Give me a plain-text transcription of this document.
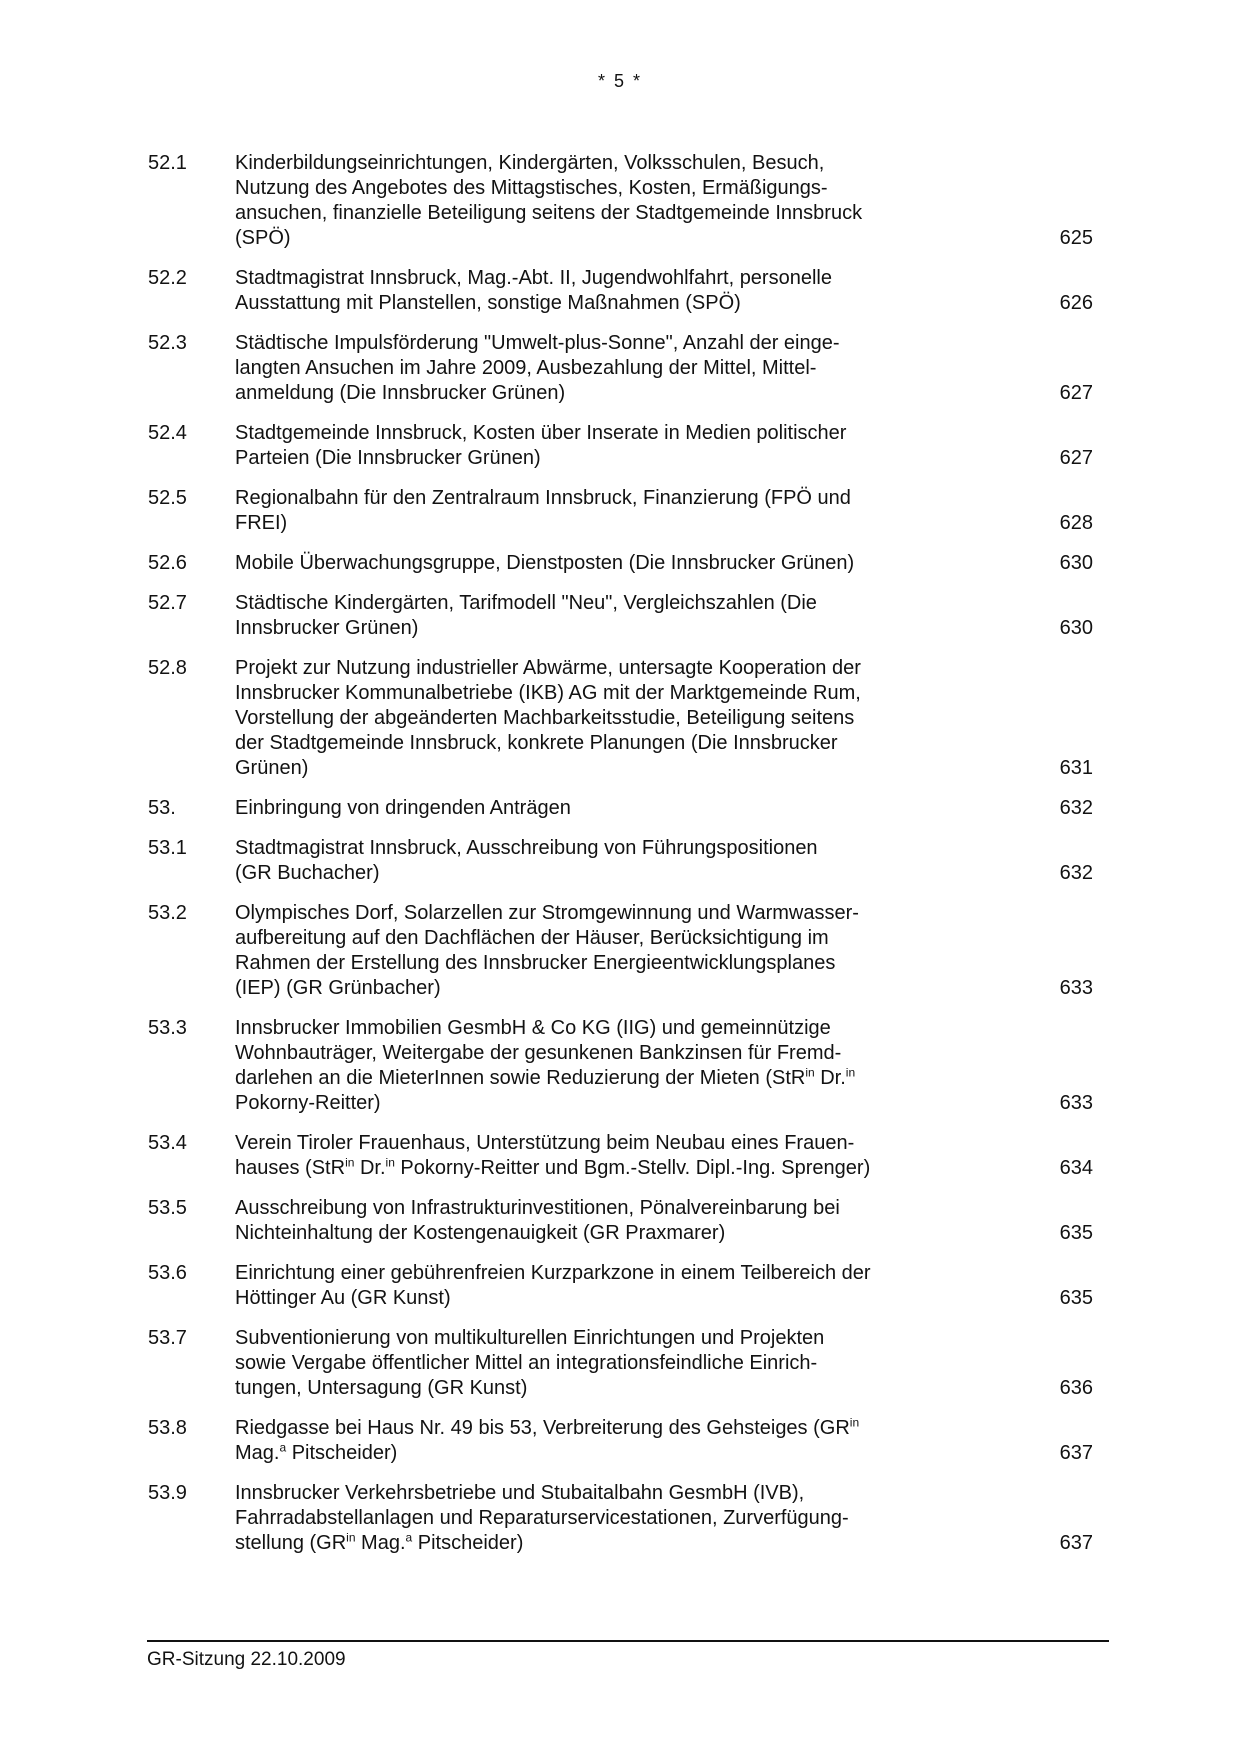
* 5 *
52.1	Kinderbildungseinrichtungen, Kindergärten, Volksschulen, Besuch,
Nutzung des Angebotes des Mittagstisches, Kosten, Ermäßigungs-
ansuchen, finanzielle Beteiligung seitens der Stadtgemeinde Innsbruck
(SPÖ)	625
52.2	Stadtmagistrat Innsbruck, Mag.-Abt. II, Jugendwohlfahrt, personelle
Ausstattung mit Planstellen, sonstige Maßnahmen (SPÖ)	626
52.3	Städtische Impulsförderung "Umwelt-plus-Sonne", Anzahl der einge-
langten Ansuchen im Jahre 2009, Ausbezahlung der Mittel, Mittel-
anmeldung (Die Innsbrucker Grünen)	627
52.4	Stadtgemeinde Innsbruck, Kosten über Inserate in Medien politischer
Parteien (Die Innsbrucker Grünen)	627
52.5	Regionalbahn für den Zentralraum Innsbruck, Finanzierung (FPÖ und
FREI)	628
52.6	Mobile Überwachungsgruppe, Dienstposten (Die Innsbrucker Grünen)	630
52.7	Städtische Kindergärten, Tarifmodell "Neu", Vergleichszahlen (Die
Innsbrucker Grünen)	630
52.8	Projekt zur Nutzung industrieller Abwärme, untersagte Kooperation der
Innsbrucker Kommunalbetriebe (IKB) AG mit der Marktgemeinde Rum,
Vorstellung der abgeänderten Machbarkeitsstudie, Beteiligung seitens
der Stadtgemeinde Innsbruck, konkrete Planungen (Die Innsbrucker
Grünen)	631
53.	Einbringung von dringenden Anträgen	632
53.1	Stadtmagistrat Innsbruck, Ausschreibung von Führungspositionen
(GR Buchacher)	632
53.2	Olympisches Dorf, Solarzellen zur Stromgewinnung und Warmwasser-
aufbereitung auf den Dachflächen der Häuser, Berücksichtigung im
Rahmen der Erstellung des Innsbrucker Energieentwicklungsplanes
(IEP) (GR Grünbacher)	633
53.3	Innsbrucker Immobilien GesmbH & Co KG (IIG) und gemeinnützige
Wohnbauträger, Weitergabe der gesunkenen Bankzinsen für Fremd-
darlehen an die MieterInnen sowie Reduzierung der Mieten (StR$^{in}$ Dr.$^{in}$
Pokorny-Reitter)	633
53.4	Verein Tiroler Frauenhaus, Unterstützung beim Neubau eines Frauen-
hauses (StR$^{in}$ Dr.$^{in}$ Pokorny-Reitter und Bgm.-Stellv. Dipl.-Ing. Sprenger)	634
53.5	Ausschreibung von Infrastrukturinvestitionen, Pönalvereinbarung bei
Nichteinhaltung der Kostengenauigkeit (GR Praxmarer)	635
53.6	Einrichtung einer gebührenfreien Kurzparkzone in einem Teilbereich der
Höttinger Au (GR Kunst)	635
53.7	Subventionierung von multikulturellen Einrichtungen und Projekten
sowie Vergabe öffentlicher Mittel an integrationsfeindliche Einrich-
tungen, Untersagung (GR Kunst)	636
53.8	Riedgasse bei Haus Nr. 49 bis 53, Verbreiterung des Gehsteiges ($GR^{in}$
Mag.$^a$ Pitscheider)	637
53.9	Innsbrucker Verkehrsbetriebe und Stubaitalbahn GesmbH (IVB),
Fahrradabstellanlagen und Reparaturservicestationen, Zurverfügung-
stellung ($GR^{in}$ Mag.$^a$ Pitscheider)	637
GR-Sitzung 22.10.2009
